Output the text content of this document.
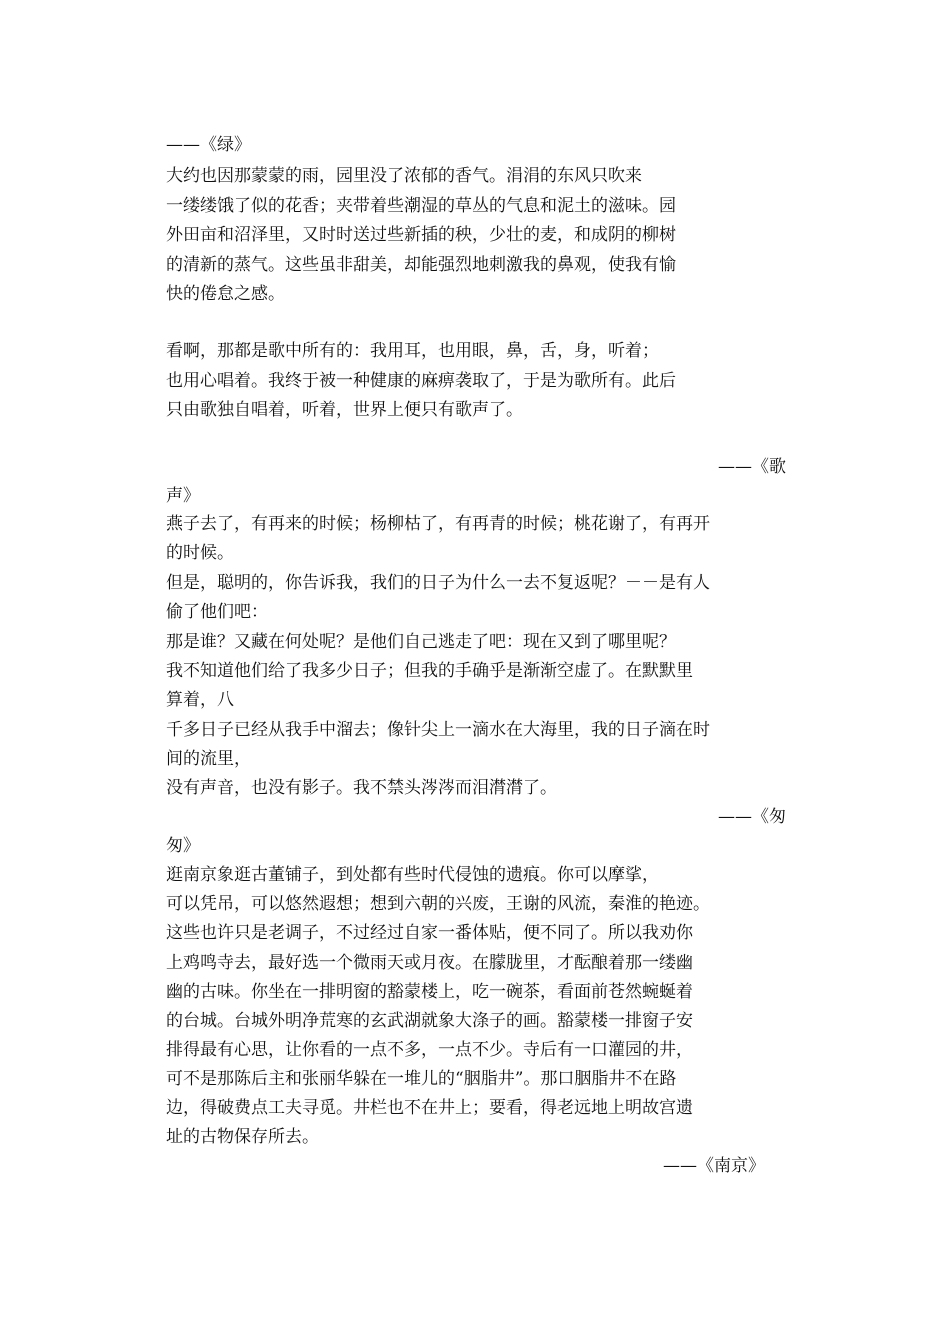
——《绿》
大约也因那蒙蒙的雨，园里没了浓郁的香气。涓涓的东风只吹来
一缕缕饿了似的花香；夹带着些潮湿的草丛的气息和泥土的滋味。园
外田亩和沼泽里，又时时送过些新插的秧，少壮的麦，和成阴的柳树
的清新的蒸气。这些虽非甜美，却能强烈地刺激我的鼻观，使我有愉
快的倦怠之感。
看啊，那都是歌中所有的：我用耳，也用眼，鼻，舌，身，听着；
也用心唱着。我终于被一种健康的麻痹袭取了，于是为歌所有。此后
只由歌独自唱着，听着，世界上便只有歌声了。
——《歌
声》
燕子去了，有再来的时候；杨柳枯了，有再青的时候；桃花谢了，有再开
的时候。
但是，聪明的，你告诉我，我们的日子为什么一去不复返呢？－－是有人
偷了他们吧：
那是谁？又藏在何处呢？是他们自己逃走了吧：现在又到了哪里呢？
我不知道他们给了我多少日子；但我的手确乎是渐渐空虚了。在默默里
算着，八
千多日子已经从我手中溜去；像针尖上一滴水在大海里，我的日子滴在时
间的流里，
没有声音，也没有影子。我不禁头涔涔而泪潸潸了。
——《匆
匆》
逛南京象逛古董铺子，到处都有些时代侵蚀的遗痕。你可以摩挲，
可以凭吊，可以悠然遐想；想到六朝的兴废，王谢的风流，秦淮的艳迹。
这些也许只是老调子，不过经过自家一番体贴，便不同了。所以我劝你
上鸡鸣寺去，最好选一个微雨天或月夜。在朦胧里，才酝酿着那一缕幽
幽的古味。你坐在一排明窗的豁蒙楼上，吃一碗茶，看面前苍然蜿蜒着
的台城。台城外明净荒寒的玄武湖就象大涤子的画。豁蒙楼一排窗子安
排得最有心思，让你看的一点不多，一点不少。寺后有一口灌园的井，
可不是那陈后主和张丽华躲在一堆儿的“胭脂井”。那口胭脂井不在路
边，得破费点工夫寻觅。井栏也不在井上；要看，得老远地上明故宫遗
址的古物保存所去。
——《南京》
